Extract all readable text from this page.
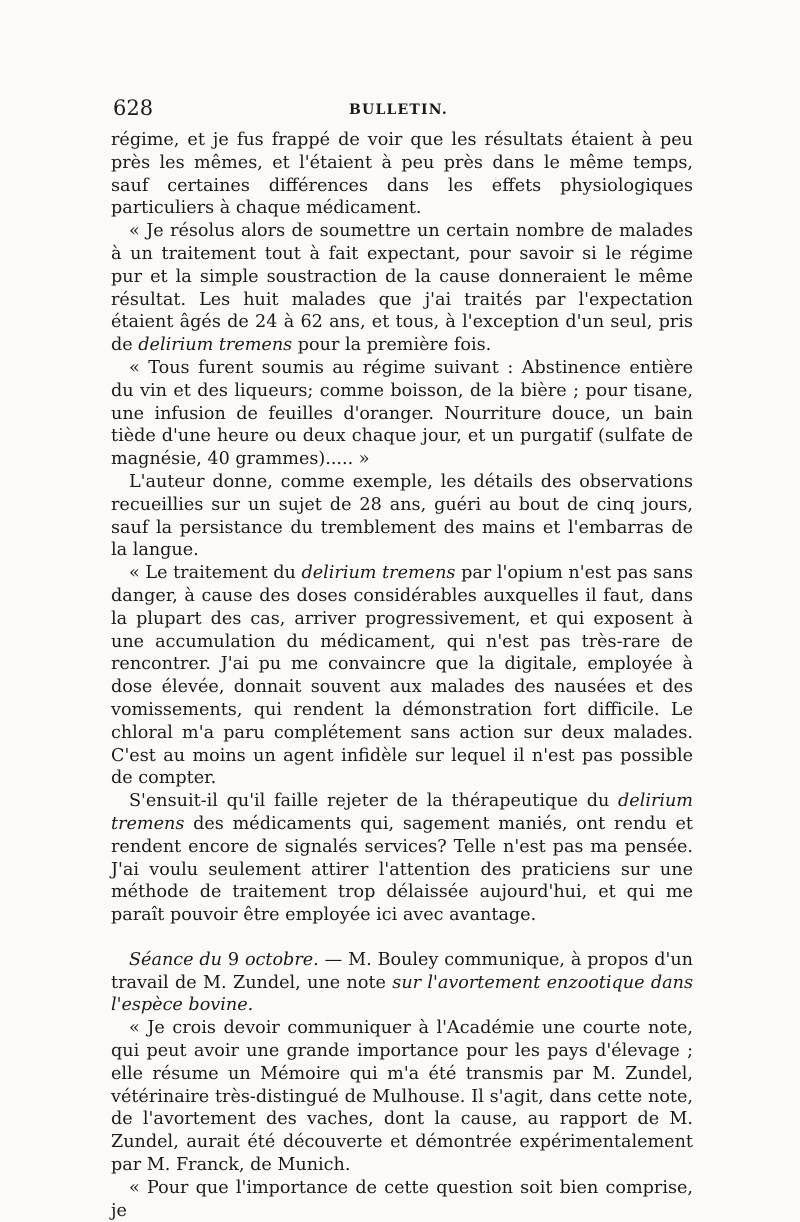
628	BULLETIN.

régime, et je fus frappé de voir que les résultats étaient à peu près les mêmes, et l'étaient à peu près dans le même temps, sauf certaines différences dans les effets physiologiques particuliers à chaque médicament.

« Je résolus alors de soumettre un certain nombre de malades à un traitement tout à fait expectant, pour savoir si le régime pur et la simple soustraction de la cause donneraient le même résultat. Les huit malades que j'ai traités par l'expectation étaient âgés de 24 à 62 ans, et tous, à l'exception d'un seul, pris de delirium tremens pour la première fois.

« Tous furent soumis au régime suivant : Abstinence entière du vin et des liqueurs; comme boisson, de la bière ; pour tisane, une infusion de feuilles d'oranger. Nourriture douce, un bain tiède d'une heure ou deux chaque jour, et un purgatif (sulfate de magnésie, 40 grammes)..... »

L'auteur donne, comme exemple, les détails des observations recueillies sur un sujet de 28 ans, guéri au bout de cinq jours, sauf la persistance du tremblement des mains et l'embarras de la langue.

« Le traitement du delirium tremens par l'opium n'est pas sans danger, à cause des doses considérables auxquelles il faut, dans la plupart des cas, arriver progressivement, et qui exposent à une accumulation du médicament, qui n'est pas très-rare de rencontrer. J'ai pu me convaincre que la digitale, employée à dose élevée, donnait souvent aux malades des nausées et des vomissements, qui rendent la démonstration fort difficile. Le chloral m'a paru complétement sans action sur deux malades. C'est au moins un agent infidèle sur lequel il n'est pas possible de compter.

S'ensuit-il qu'il faille rejeter de la thérapeutique du delirium tremens des médicaments qui, sagement maniés, ont rendu et rendent encore de signalés services? Telle n'est pas ma pensée. J'ai voulu seulement attirer l'attention des praticiens sur une méthode de traitement trop délaissée aujourd'hui, et qui me paraît pouvoir être employée ici avec avantage.

Séance du 9 octobre. — M. Bouley communique, à propos d'un travail de M. Zundel, une note sur l'avortement enzootique dans l'espèce bovine.

« Je crois devoir communiquer à l'Académie une courte note, qui peut avoir une grande importance pour les pays d'élevage ; elle résume un Mémoire qui m'a été transmis par M. Zundel, vétérinaire très-distingué de Mulhouse. Il s'agit, dans cette note, de l'avortement des vaches, dont la cause, au rapport de M. Zundel, aurait été découverte et démontrée expérimentalement par M. Franck, de Munich.

« Pour que l'importance de cette question soit bien comprise, je
